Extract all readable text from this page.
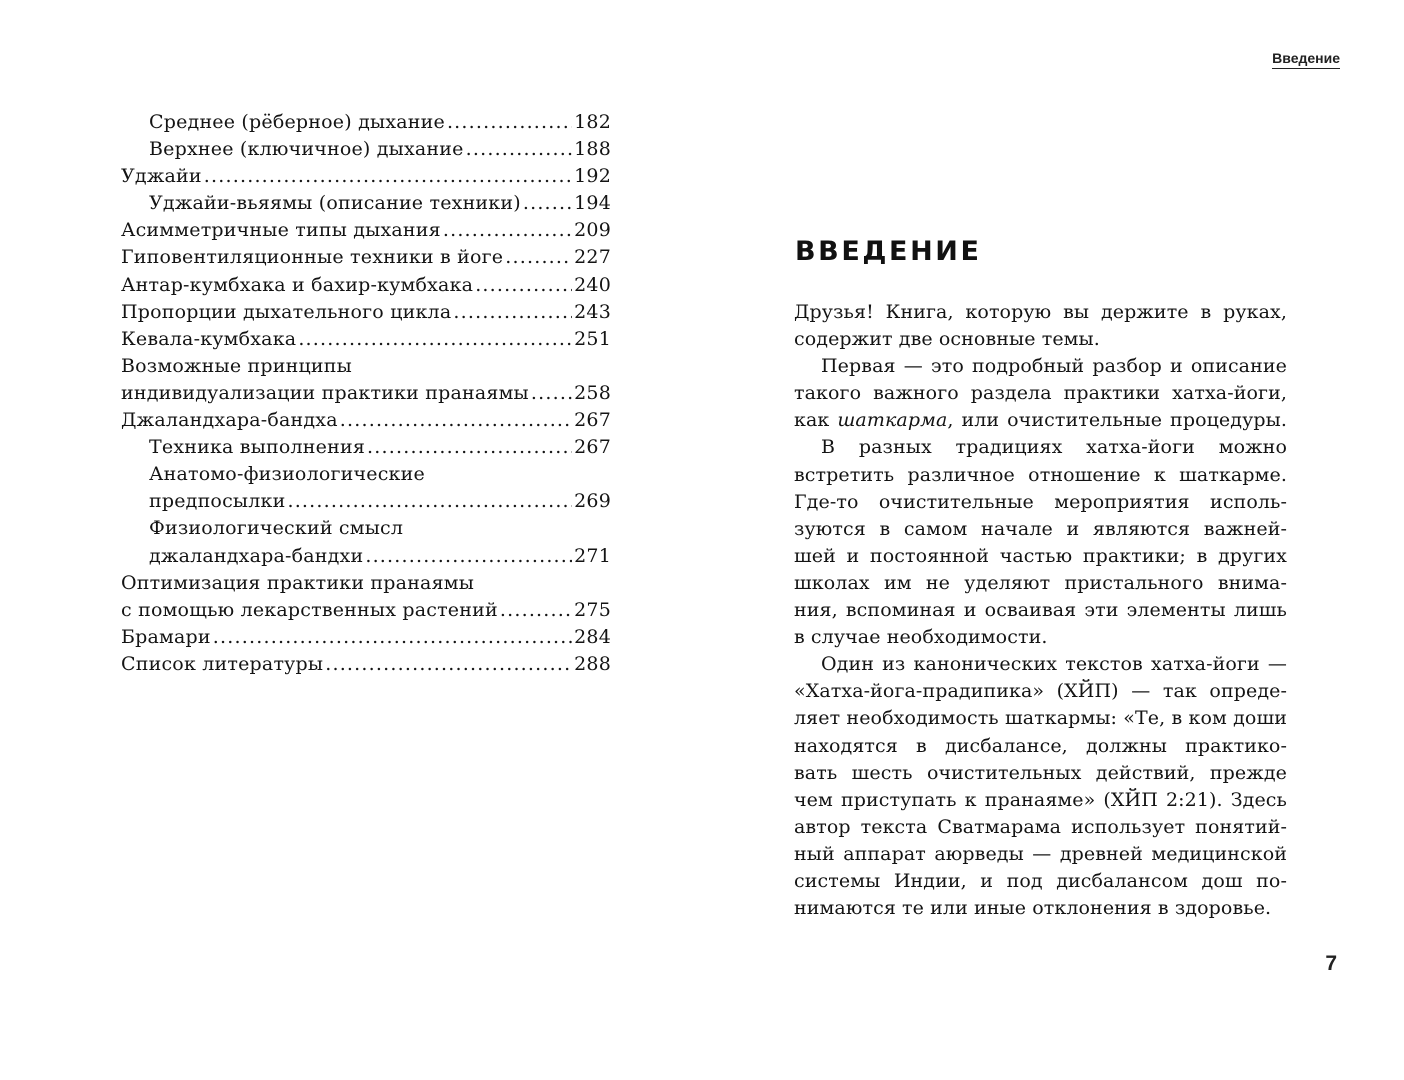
Среднее (рёберное) дыхание .....	182
Верхнее (ключичное) дыхание .....	188
Уджайи .....	192
Уджайи-вьяямы (описание техники) .....	194
Асимметричные типы дыхания .....	209
Гиповентиляционные техники в йоге .....	227
Антар-кумбхака и бахир-кумбхака .....	240
Пропорции дыхательного цикла .....	243
Кевала-кумбхака .....	251
Возможные принципы
индивидуализации практики пранаямы ..... 258
Джаландхара-бандха .....	267
Техника выполнения .....	267
Анатомо-физиологические
предпосылки .....	269
Физиологический смысл
джаландхара-бандхи .....	271
Оптимизация практики пранаямы
с помощью лекарственных растений .....	275
Брамари .....	284
Список литературы .....	288
Введение
ВВЕДЕНИЕ
Друзья! Книга, которую вы держите в руках,
содержит две основные темы.
Первая — это подробный разбор и описание
такого важного раздела практики хатха-йоги,
как шаткарма, или очистительные процедуры.
В разных традициях хатха-йоги можно
встретить различное отношение к шаткарме.
Где-то очистительные мероприятия исполь-
зуются в самом начале и являются важней-
шей и постоянной частью практики; в других
школах им не уделяют пристального внима-
ния, вспоминая и осваивая эти элементы лишь
в случае необходимости.
Один из канонических текстов хатха-йоги —
«Хатха-йога-прадипика» (ХЙП) — так опреде-
ляет необходимость шаткармы: «Те, в ком доши
находятся в дисбалансе, должны практико-
вать шесть очистительных действий, прежде
чем приступать к пранаяме» (ХЙП 2:21). Здесь
автор текста Сватмарама использует понятий-
ный аппарат аюрведы — древней медицинской
системы Индии, и под дисбалансом дош по-
нимаются те или иные отклонения в здоровье.
7
